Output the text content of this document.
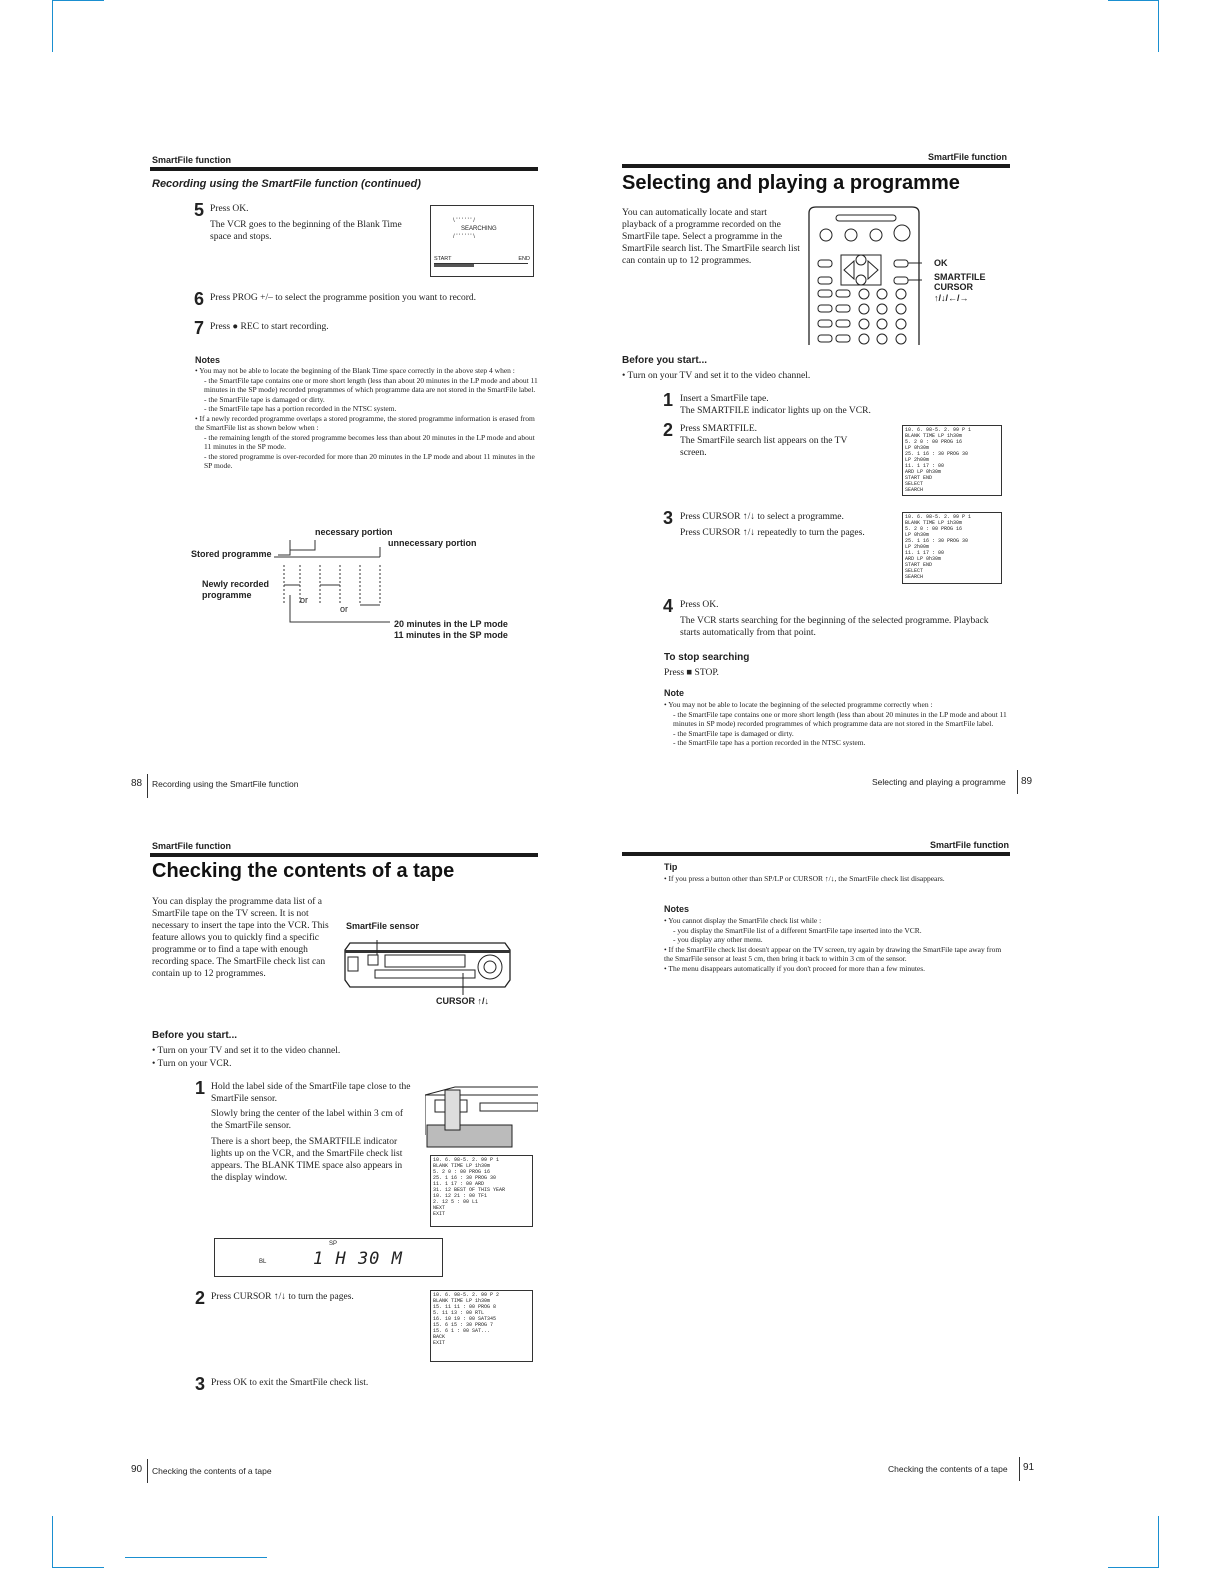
SmartFile function
Recording using the SmartFile function (continued)
5 Press OK.
The VCR goes to the beginning of the Blank Time space and stops.
\ ' ' ' ' ' ' /
SEARCHING
/ ' ' ' ' ' ' \
START	END
6 Press PROG +/– to select the programme position you want to record.
7 Press ● REC to start recording.
Notes
• You may not be able to locate the beginning of the Blank Time space correctly in the above step 4 when :
- the SmartFile tape contains one or more short length (less than about 20 minutes in the LP mode and about 11 minutes in the SP mode) recorded programmes of which programme data are not stored in the SmartFile label.
- the SmartFile tape is damaged or dirty.
- the SmartFile tape has a portion recorded in the NTSC system.
• If a newly recorded programme overlaps a stored programme, the stored programme information is erased from the SmartFile list as shown below when :
- the remaining length of the stored programme becomes less than about 20 minutes in the LP mode and about 11 minutes in the SP mode.
- the stored programme is over-recorded for more than 20 minutes in the LP mode and about 11 minutes in the SP mode.
necessary portion
unnecessary portion
Stored programme
Newly recorded programme	or
or
20 minutes in the LP mode
11 minutes in the SP mode
88 Recording using the SmartFile function
SmartFile function
Selecting and playing a programme
You can automatically locate and start playback of a programme recorded on the SmartFile tape. Select a programme in the SmartFile search list. The SmartFile search list can contain up to 12 programmes.	OK
SMARTFILE
CURSOR
↑/↓/←/→
Before you start...
• Turn on your TV and set it to the video channel.
1 Insert a SmartFile tape.
The SMARTFILE indicator lights up on the VCR.
2 Press SMARTFILE.
The SmartFile search list appears on the TV screen.
10. 6. 98-5. 2. 99 P 1
BLANK TIME LP 1h30m
5. 2 0 : 00 PROG 16
LP 0h30m
25. 1 16 : 30 PROG 30
LP 2h00m
11. 1 17 : 00
ARD LP 0h30m
START END
SELECT
SEARCH
3 Press CURSOR ↑/↓ to select a programme.
Press CURSOR ↑/↓ repeatedly to turn the pages.
10. 6. 98-5. 2. 99 P 1
BLANK TIME LP 1h30m
5. 2 0 : 00 PROG 16
LP 0h30m
25. 1 16 : 30 PROG 30
LP 2h00m
11. 1 17 : 00
ARD LP 0h30m
START END
SELECT
SEARCH
4 Press OK.
The VCR starts searching for the beginning of the selected programme. Playback starts automatically from that point.
To stop searching
Press ■ STOP.
Note
• You may not be able to locate the beginning of the selected programme correctly when :
- the SmartFile tape contains one or more short length (less than about 20 minutes in the LP mode and about 11 minutes in SP mode) recorded programmes of which programme data are not stored in the SmartFile label.
- the SmartFile tape is damaged or dirty.
- the SmartFile tape has a portion recorded in the NTSC system.
Selecting and playing a programme 89
SmartFile function
Checking the contents of a tape
You can display the programme data list of a SmartFile tape on the TV screen. It is not necessary to insert the tape into the VCR. This feature allows you to quickly find a specific programme or to find a tape with enough recording space. The SmartFile check list can contain up to 12 programmes.
SmartFile sensor
CURSOR ↑/↓
Before you start...
• Turn on your TV and set it to the video channel.
• Turn on your VCR.
1 Hold the label side of the SmartFile tape close to the SmartFile sensor.
Slowly bring the center of the label within 3 cm of the SmartFile sensor.
There is a short beep, the SMARTFILE indicator lights up on the VCR, and the SmartFile check list appears. The BLANK TIME space also appears in the display window.
10. 6. 98-5. 2. 99 P 1
BLANK TIME LP 1h30m
5. 2 0 : 00 PROG 16
25. 1 16 : 30 PROG 30
11. 1 17 : 00 ARD
31. 12 BEST OF THIS YEAR
10. 12 21 : 00 TF1
2. 12 5 : 00 L1
NEXT
EXIT
SP
BL	1 H 30 M
2 Press CURSOR ↑/↓ to turn the pages.	10. 6. 98-5. 2. 99 P 2
BLANK TIME LP 1h30m
15. 11 11 : 00 PROG 8
5. 11 13 : 00 RTL
16. 10 19 : 00 SAT345
15. 6 15 : 30 PROG 7
15. 6 1 : 00 SAT...
BACK
EXIT
3 Press OK to exit the SmartFile check list.
90 Checking the contents of a tape
SmartFile function
Tip
• If you press a button other than SP/LP or CURSOR ↑/↓, the SmartFile check list disappears.
Notes
• You cannot display the SmartFile check list while :
- you display the SmartFile list of a different SmartFile tape inserted into the VCR.
- you display any other menu.
• If the SmartFile check list doesn't appear on the TV screen, try again by drawing the SmartFile tape away from the SmarFile sensor at least 5 cm, then bring it back to within 3 cm of the sensor.
• The menu disappears automatically if you don't proceed for more than a few minutes.
Checking the contents of a tape 91
